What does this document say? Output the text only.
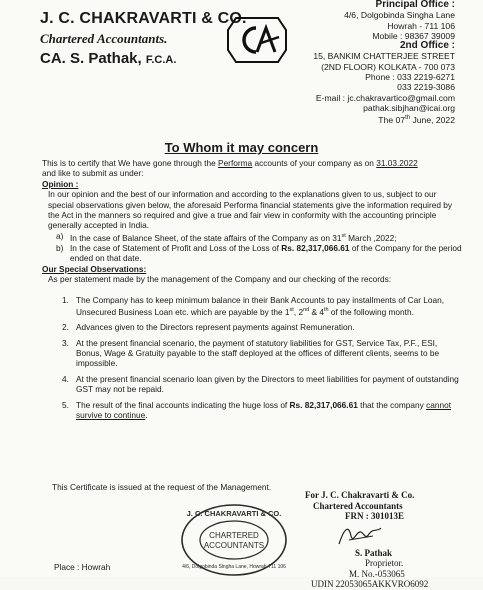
J. C. CHAKRAVARTI & CO.
Chartered Accountants.
CA. S. Pathak, F.C.A.
Principal Office :
4/6, Dolgobinda Singha Lane
Howrah - 711 106
Mobile : 98367 39009
2nd Office :
15, BANKIM CHATTERJEE STREET
(2ND FLOOR) KOLKATA - 700 073
Phone : 033 2219-6271
033 2219-3086
E-mail : jc.chakravartico@gmail.com
pathak.sibjhan@icai.org
The 07th June, 2022
To Whom it may concern

This is to certify that We have gone through the Performa accounts of your company as on 31.03.2022

and like to submit as under:

Opinion :

In our opinion and the best of our information and according to the explanations given to us, subject to our special observations given below, the aforesaid Performa financial statements give the information required by the Act in the manners so required and give a true and fair view in conformity with the accounting principle generally accepted in India.

a) In the case of Balance Sheet, of the state affairs of the Company as on 31st March ,2022;
b) In the case of Statement of Profit and Loss of the Loss of Rs. 82,317,066.61 of the Company for the period ended on that date.

Our Special Observations:

As per statement made by the management of the Company and our checking of the records:

1. The Company has to keep minimum balance in their Bank Accounts to pay installments of Car Loan, Unsecured Business Loan etc. which are payable by the 1st, 2nd & 4th of the following month.
2. Advances given to the Directors represent payments against Remuneration.
3. At the present financial scenario, the payment of statutory liabilities for GST, Service Tax, P.F., ESI, Bonus, Wage & Gratuity payable to the staff deployed at the offices of different clients, seems to be impossible.
4. At the present financial scenario loan given by the Directors to meet liabilities for payment of outstanding GST may not be repaid.
5. The result of the final accounts indicating the huge loss of Rs. 82,317,066.61 that the company cannot survive to continue.
This Certificate is issued at the request of the Management.
CHARTERED
ACCOUNTANTS
J. C. CHAKRAVARTI & CO.
4/6, Dolgobinda Singha Lane, Howrah-711 106
For J. C. Chakravarti & Co.
Chartered Accountants
FRN : 301013E
S. Pathak
Proprietor.
M. No.-053065
UDIN 22053065AKKVRO6092
Place : Howrah
